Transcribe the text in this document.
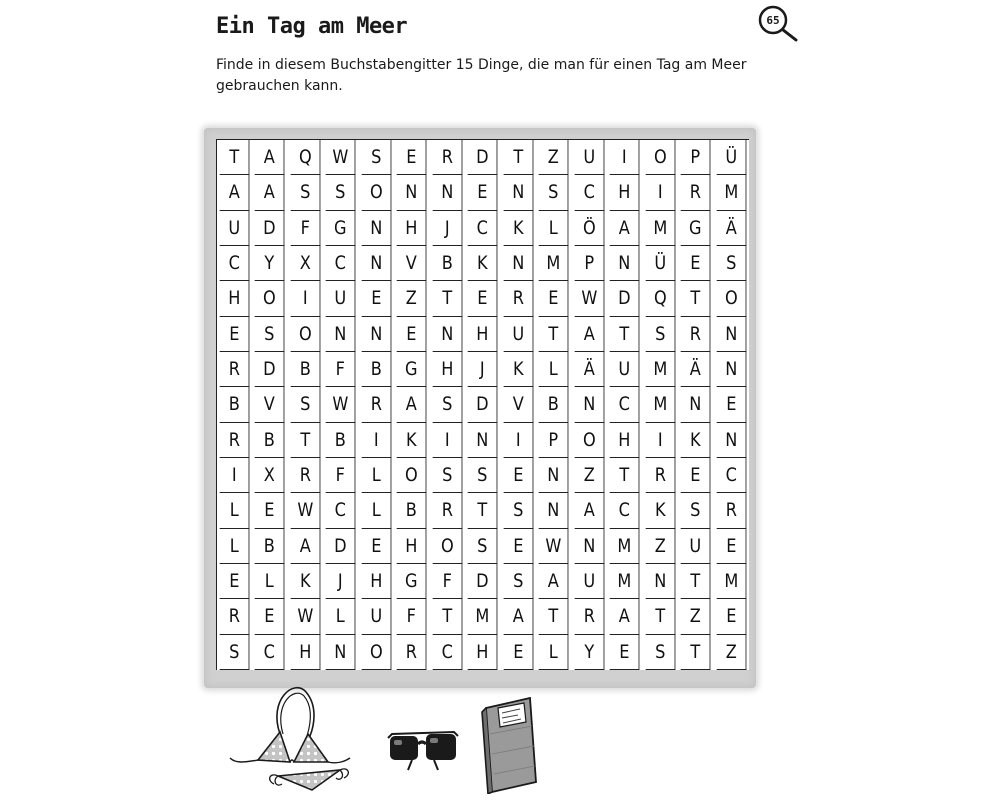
Ein Tag am Meer

Finde in diesem Buchstabengitter 15 Dinge, die man für einen Tag am Meer gebrauchen kann.

65
T	A	Q	W	S	E	R	D	T	Z	U	I	O	P	Ü
A	A	S	S	O	N	N	E	N	S	C	H	I	R	M
U	D	F	G	N	H	J	C	K	L	Ö	A	M	G	Ä
C	Y	X	C	N	V	B	K	N	M	P	N	Ü	E	S
H	O	I	U	E	Z	T	E	R	E	W	D	Q	T	O
E	S	O	N	N	E	N	H	U	T	A	T	S	R	N
R	D	B	F	B	G	H	J	K	L	Ä	U	M	Ä	N
B	V	S	W	R	A	S	D	V	B	N	C	M	N	E
R	B	T	B	I	K	I	N	I	P	O	H	I	K	N
I	X	R	F	L	O	S	S	E	N	Z	T	R	E	C
L	E	W	C	L	B	R	T	S	N	A	C	K	S	R
L	B	A	D	E	H	O	S	E	W	N	M	Z	U	E
E	L	K	J	H	G	F	D	S	A	U	M	N	T	M
R	E	W	L	U	F	T	M	A	T	R	A	T	Z	E
S	C	H	N	O	R	C	H	E	L	Y	E	S	T	Z
